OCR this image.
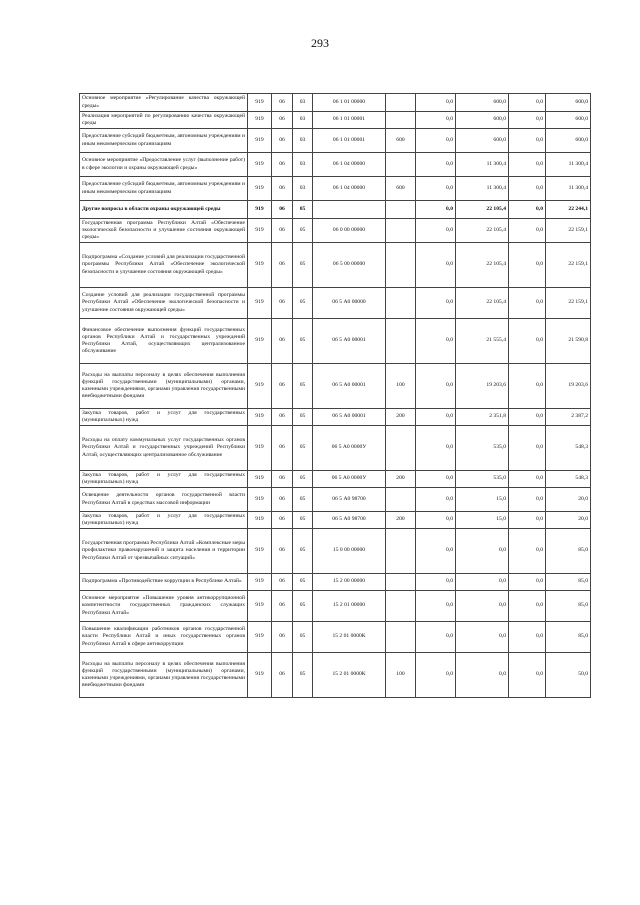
293
Основное мероприятие «Регулирование качества окружающей среды»	919	06	03	06 1 01 00000		0,0	600,0	0,0	600,0
Реализация мероприятий по регулированию качества окружающей среды	919	06	03	06 1 01 00001		0,0	600,0	0,0	600,0
Предоставление субсидий бюджетным, автономным учреждениям и иным некоммерческим организациям	919	06	03	06 1 01 00001	600	0,0	600,0	0,0	600,0
Основное мероприятие «Предоставление услуг (выполнение работ) в сфере экологии и охраны окружающей среды»	919	06	03	06 1 04 00000		0,0	11 300,4	0,0	11 300,4
Предоставление субсидий бюджетным, автономным учреждениям и иным некоммерческим организациям	919	06	03	06 1 04 00000	600	0,0	11 300,4	0,0	11 300,4
Другие вопросы в области охраны окружающей среды	919	06	05			0,0	22 105,4	0,0	22 244,1
Государственная программа Республики Алтай «Обеспечение экологической безопасности и улучшение состояния окружающей среды»	919	06	05	06 0 00 00000		0,0	22 105,4	0,0	22 159,1
Подпрограмма «Создание условий для реализации государственной программы Республики Алтай «Обеспечение экологической безопасности и улучшение состояния окружающей среды»	919	06	05	06 5 00 00000		0,0	22 105,4	0,0	22 159,1
Создание условий для реализации государственной программы Республики Алтай «Обеспечение экологической безопасности и улучшение состояния окружающей среды»	919	06	05	06 5 А0 00000		0,0	22 105,4	0,0	22 159,1
Финансовое обеспечение выполнения функций государственных органов Республики Алтай и государственных учреждений Республики Алтай, осуществляющих централизованное обслуживание	919	06	05	06 5 А0 00001		0,0	21 555,4	0,0	21 590,8
Расходы на выплаты персоналу в целях обеспечения выполнения функций государственными (муниципальными) органами, казенными учреждениями, органами управления государственными внебюджетными фондами	919	06	05	06 5 А0 00001	100	0,0	19 203,6	0,0	19 203,6
Закупка товаров, работ и услуг для государственных (муниципальных) нужд	919	06	05	06 5 А0 00001	200	0,0	2 351,8	0,0	2 387,2
Расходы на оплату коммунальных услуг государственных органов Республики Алтай и государственных учреждений Республики Алтай, осуществляющих централизованное обслуживание	919	06	05	06 5 А0 0000У		0,0	535,0	0,0	548,3
Закупка товаров, работ и услуг для государственных (муниципальных) нужд	919	06	05	06 5 А0 0000У	200	0,0	535,0	0,0	548,3
Освещение деятельности органов государственной власти Республики Алтай в средствах массовой информации	919	06	05	06 5 А0 98700		0,0	15,0	0,0	20,0
Закупка товаров, работ и услуг для государственных (муниципальных) нужд	919	06	05	06 5 А0 98700	200	0,0	15,0	0,0	20,0
Государственная программа Республики Алтай «Комплексные меры профилактики правонарушений и защита населения и территории Республики Алтай от чрезвычайных ситуаций»	919	06	05	15 0 00 00000		0,0	0,0	0,0	85,0
Подпрограмма «Противодействие коррупции в Республике Алтай»	919	06	05	15 2 00 00000		0,0	0,0	0,0	85,0
Основное мероприятие «Повышение уровня антикоррупционной компетентности государственных гражданских служащих Республики Алтай»	919	06	05	15 2 01 00000		0,0	0,0	0,0	85,0
Повышение квалификации работников органов государственной власти Республики Алтай и иных государственных органов Республики Алтай в сфере антикоррупции	919	06	05	15 2 01 0000К		0,0	0,0	0,0	85,0
Расходы на выплаты персоналу в целях обеспечения выполнения функций государственными (муниципальными) органами, казенными учреждениями, органами управления государственными внебюджетными фондами	919	06	05	15 2 01 0000К	100	0,0	0,0	0,0	50,0
